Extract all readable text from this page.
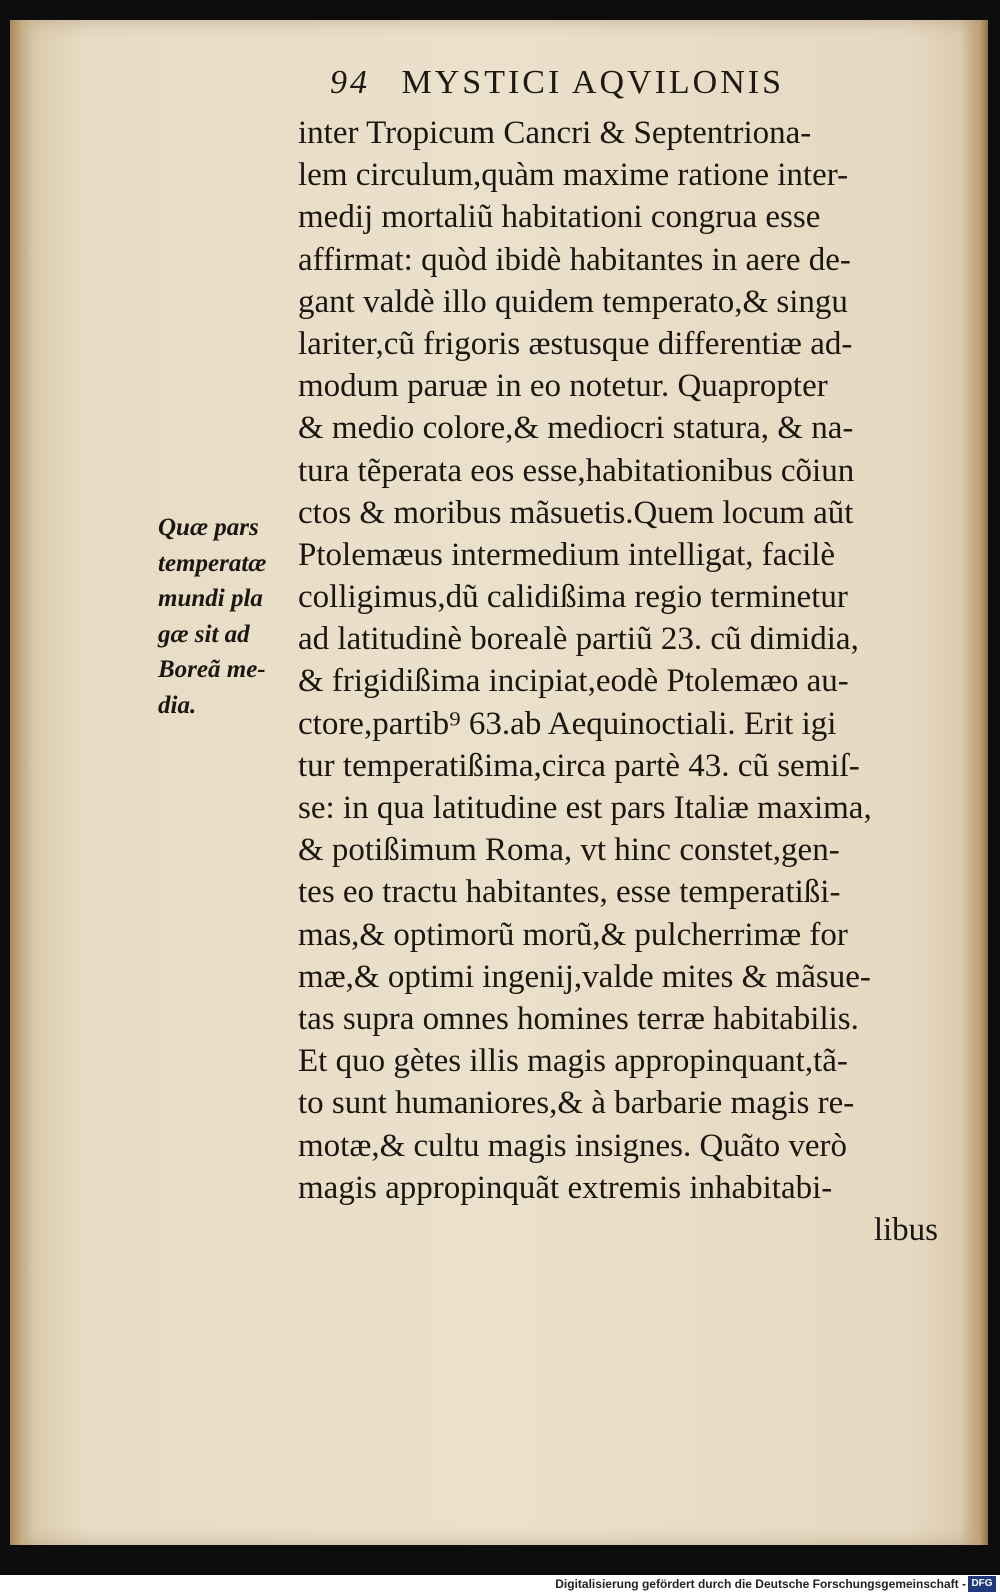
94 MYSTICI AQVILONIS
inter Tropicum Cancri & Septentriona-
lem circulum,quàm maxime ratione inter-
medij mortaliũ habitationi congrua esse
affirmat: quòd ibidè habitantes in aere de-
gant valdè illo quidem temperato,& singu
lariter,cũ frigoris æstusque differentiæ ad-
modum paruæ in eo notetur. Quapropter
& medio colore,& mediocri statura, & na-
tura tẽperata eos esse,habitationibus cõiun
ctos & moribus mãsuetis.Quem locum aũt
Ptolemæus intermedium intelligat, facilè
colligimus,dũ calidißima regio terminetur
ad latitudinè borealè partiũ 23. cũ dimidia,
& frigidißima incipiat,eodè Ptolemæo au-
ctore,partib⁹ 63.ab Aequinoctiali. Erit igi
tur temperatißima,circa partè 43. cũ semiſ-
se: in qua latitudine est pars Italiæ maxima,
& potißimum Roma, vt hinc constet,gen-
tes eo tractu habitantes, esse temperatißi-
mas,& optimorũ morũ,& pulcherrimæ for
mæ,& optimi ingenij,valde mites & mãsue-
tas supra omnes homines terræ habitabilis.
Et quo gètes illis magis appropinquant,tã-
to sunt humaniores,& à barbarie magis re-
motæ,& cultu magis insignes. Quãto verò
magis appropinquãt extremis inhabitabi-
libus
Quæ pars
temperatæ
mundi pla
gæ sit ad
Boreã me-
dia.
Digitalisierung gefördert durch die Deutsche Forschungsgemeinschaft - DFG
